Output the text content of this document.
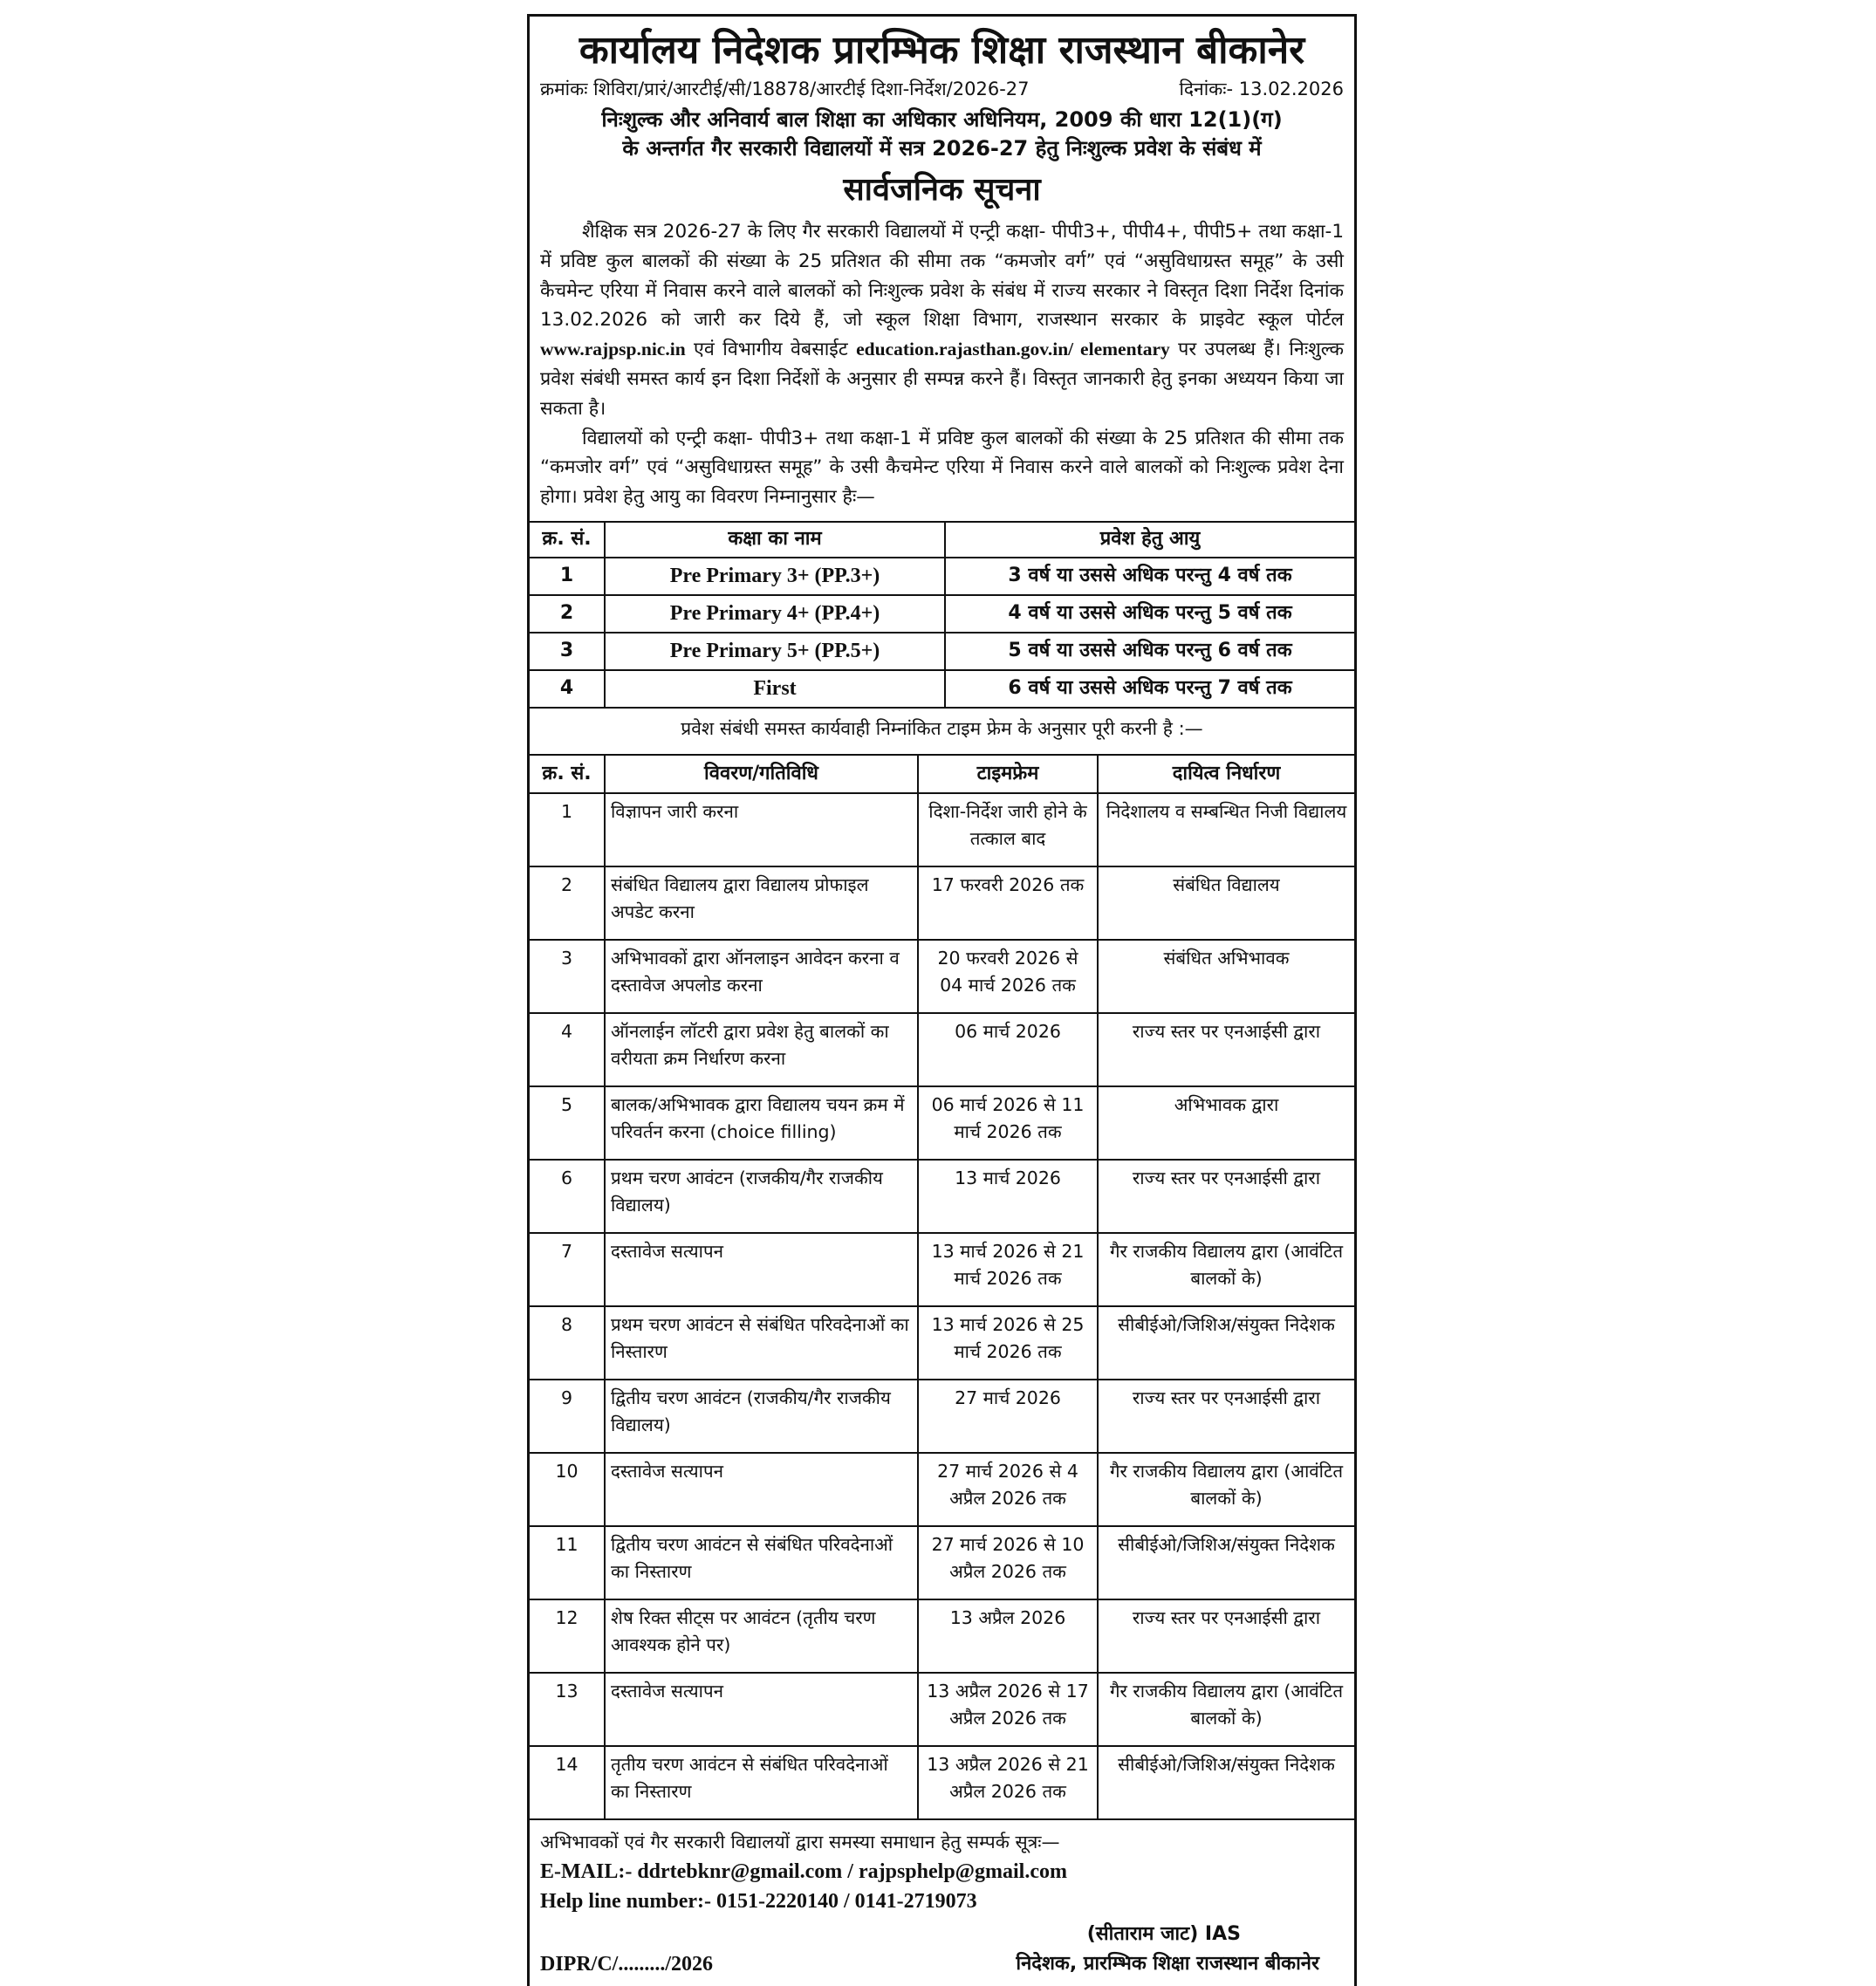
कार्यालय निदेशक प्रारम्भिक शिक्षा राजस्थान बीकानेर
क्रमांकः शिविरा/प्रारं/आरटीई/सी/18878/आरटीई दिशा-निर्देश/2026-27	दिनांकः- 13.02.2026
निःशुल्क और अनिवार्य बाल शिक्षा का अधिकार अधिनियम, 2009 की धारा 12(1)(ग)
के अन्तर्गत गैर सरकारी विद्यालयों में सत्र 2026-27 हेतु निःशुल्क प्रवेश के संबंध में
सार्वजनिक सूचना

शैक्षिक सत्र 2026-27 के लिए गैर सरकारी विद्यालयों में एन्ट्री कक्षा- पीपी3+, पीपी4+, पीपी5+ तथा कक्षा-1 में प्रविष्ट कुल बालकों की संख्या के 25 प्रतिशत की सीमा तक “कमजोर वर्ग” एवं “असुविधाग्रस्त समूह” के उसी कैचमेन्ट एरिया में निवास करने वाले बालकों को निःशुल्क प्रवेश के संबंध में राज्य सरकार ने विस्तृत दिशा निर्देश दिनांक 13.02.2026 को जारी कर दिये हैं, जो स्कूल शिक्षा विभाग, राजस्थान सरकार के प्राइवेट स्कूल पोर्टल www.rajpsp.nic.in एवं विभागीय वेबसाईट education.rajasthan.gov.in/ elementary पर उपलब्ध हैं। निःशुल्क प्रवेश संबंधी समस्त कार्य इन दिशा निर्देशों के अनुसार ही सम्पन्न करने हैं। विस्तृत जानकारी हेतु इनका अध्ययन किया जा सकता है।

विद्यालयों को एन्ट्री कक्षा- पीपी3+ तथा कक्षा-1 में प्रविष्ट कुल बालकों की संख्या के 25 प्रतिशत की सीमा तक “कमजोर वर्ग” एवं “असुविधाग्रस्त समूह” के उसी कैचमेन्ट एरिया में निवास करने वाले बालकों को निःशुल्क प्रवेश देना होगा। प्रवेश हेतु आयु का विवरण निम्नानुसार हैः—

क्र. सं.	कक्षा का नाम	प्रवेश हेतु आयु
1	Pre Primary 3+ (PP.3+)	3 वर्ष या उससे अधिक परन्तु 4 वर्ष तक
2	Pre Primary 4+ (PP.4+)	4 वर्ष या उससे अधिक परन्तु 5 वर्ष तक
3	Pre Primary 5+ (PP.5+)	5 वर्ष या उससे अधिक परन्तु 6 वर्ष तक
4	First	6 वर्ष या उससे अधिक परन्तु 7 वर्ष तक
प्रवेश संबंधी समस्त कार्यवाही निम्नांकित टाइम फ्रेम के अनुसार पूरी करनी है :—
क्र. सं.	विवरण/गतिविधि	टाइमफ्रेम	दायित्व निर्धारण
1	विज्ञापन जारी करना	दिशा-निर्देश जारी होने के तत्काल बाद	निदेशालय व सम्बन्धित निजी विद्यालय
2	संबंधित विद्यालय द्वारा विद्यालय प्रोफाइल अपडेट करना	17 फरवरी 2026 तक	संबंधित विद्यालय
3	अभिभावकों द्वारा ऑनलाइन आवेदन करना व दस्तावेज अपलोड करना	20 फरवरी 2026 से 04 मार्च 2026 तक	संबंधित अभिभावक
4	ऑनलाईन लॉटरी द्वारा प्रवेश हेतु बालकों का वरीयता क्रम निर्धारण करना	06 मार्च 2026	राज्य स्तर पर एनआईसी द्वारा
5	बालक/अभिभावक द्वारा विद्यालय चयन क्रम में परिवर्तन करना (choice filling)	06 मार्च 2026 से 11 मार्च 2026 तक	अभिभावक द्वारा
6	प्रथम चरण आवंटन (राजकीय/गैर राजकीय विद्यालय)	13 मार्च 2026	राज्य स्तर पर एनआईसी द्वारा
7	दस्तावेज सत्यापन	13 मार्च 2026 से 21 मार्च 2026 तक	गैर राजकीय विद्यालय द्वारा (आवंटित बालकों के)
8	प्रथम चरण आवंटन से संबंधित परिवदेनाओं का निस्तारण	13 मार्च 2026 से 25 मार्च 2026 तक	सीबीईओ/जिशिअ/संयुक्त निदेशक
9	द्वितीय चरण आवंटन (राजकीय/गैर राजकीय विद्यालय)	27 मार्च 2026	राज्य स्तर पर एनआईसी द्वारा
10	दस्तावेज सत्यापन	27 मार्च 2026 से 4 अप्रैल 2026 तक	गैर राजकीय विद्यालय द्वारा (आवंटित बालकों के)
11	द्वितीय चरण आवंटन से संबंधित परिवदेनाओं का निस्तारण	27 मार्च 2026 से 10 अप्रैल 2026 तक	सीबीईओ/जिशिअ/संयुक्त निदेशक
12	शेष रिक्त सीट्स पर आवंटन (तृतीय चरण आवश्यक होने पर)	13 अप्रैल 2026	राज्य स्तर पर एनआईसी द्वारा
13	दस्तावेज सत्यापन	13 अप्रैल 2026 से 17 अप्रैल 2026 तक	गैर राजकीय विद्यालय द्वारा (आवंटित बालकों के)
14	तृतीय चरण आवंटन से संबंधित परिवदेनाओं का निस्तारण	13 अप्रैल 2026 से 21 अप्रैल 2026 तक	सीबीईओ/जिशिअ/संयुक्त निदेशक
अभिभावकों एवं गैर सरकारी विद्यालयों द्वारा समस्या समाधान हेतु सम्पर्क सूत्रः—
E-MAIL:- ddrtebknr@gmail.com / rajpsphelp@gmail.com
Help line number:- 0151-2220140 / 0141-2719073
DIPR/C/........./2026
(सीताराम जाट) IAS
निदेशक, प्रारम्भिक शिक्षा राजस्थान बीकानेर
